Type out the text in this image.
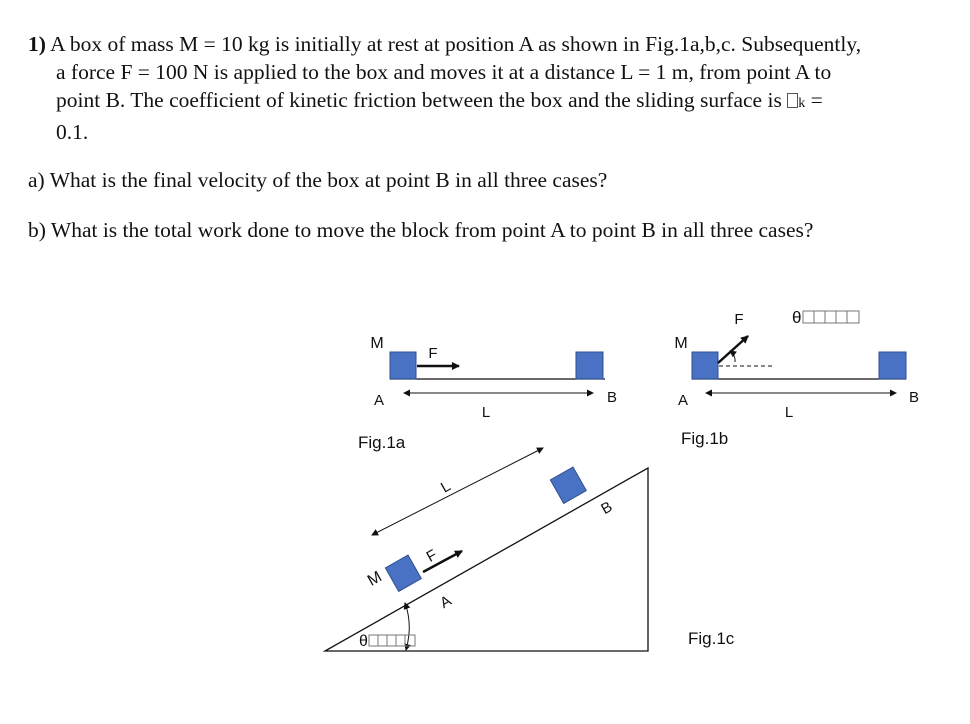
1) A box of mass M = 10 kg is initially at rest at position A as shown in Fig.1a,b,c. Subsequently,
a force F = 100 N is applied to the box and moves it at a distance L = 1 m, from point A to
point B. The coefficient of kinetic friction between the box and the sliding surface is k =
0.1.
a) What is the final velocity of the box at point B in all three cases?
b) What is the total work done to move the block from point A to point B in all three cases?
M
F
A	B
L
Fig.1a
M
F	θ
A	B
L
Fig.1b
M
F
L
A
B
θ	Fig.1c
